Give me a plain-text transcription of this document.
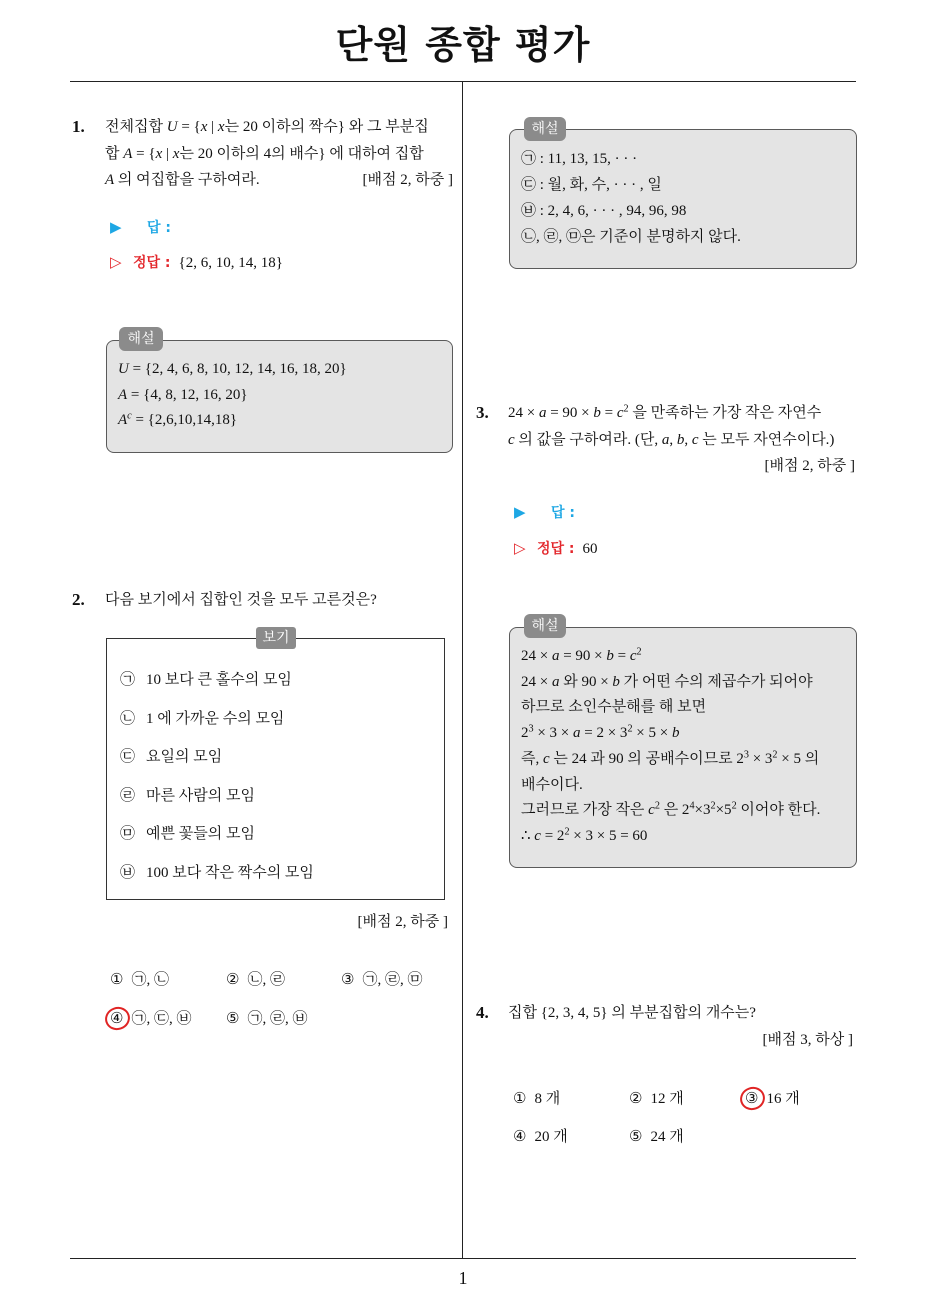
단원 종합 평가
1
1. 전체집합 U = {x | x는 20 이하의 짝수} 와 그 부분집
합 A = {x | x는 20 이하의 4의 배수} 에 대하여 집합
A 의 여집합을 구하여라.	[배점 2, 하중 ]
▶ 답 :
▷ 정답 : {2, 6, 10, 14, 18}
U = {2, 4, 6, 8, 10, 12, 14, 16, 18, 20}
A = {4, 8, 12, 16, 20}
$A^c = \{2,6,10,14,18\}$
해설
2. 다음 보기에서 집합인 것을 모두 고른것은?
㉠ 10 보다 큰 홀수의 모임
㉡ 1 에 가까운 수의 모임
㉢ 요일의 모임
㉣ 마른 사람의 모임
㉤ 예쁜 꽃들의 모임
㉥ 100 보다 작은 짝수의 모임
보기
[배점 2, 하중 ]
① ㉠, ㉡	② ㉡, ㉣	③ ㉠, ㉣, ㉤
④ ㉠, ㉢, ㉥ ⑤ ㉠, ㉣, ㉥
㉠ : 11, 13, 15, · · ·
㉢ : 월, 화, 수, · · · , 일
㉥ : 2, 4, 6, · · · , 94, 96, 98
㉡, ㉣, ㉤은 기준이 분명하지 않다.
해설
3. $24 \times a = 90 \times b = c^2$ 을 만족하는 가장 작은 자연수
c 의 값을 구하여라. (단, a, b, c 는 모두 자연수이다.)
[배점 2, 하중 ]
▶ 답 :
▷ 정답 : 60
$24 \times a = 90 \times b = c^2$
24 × a 와 90 × b 가 어떤 수의 제곱수가 되어야
하므로 소인수분해를 해 보면
$2^3 \times 3 \times a = 2 \times 3^2 \times 5 \times b$
즉, c 는 24 과 90 의 공배수이므로 $2^3 \times 3^2 \times 5$ 의
배수이다.
그러므로 가장 작은 $c^2$ 은 $2^4\times 3^2\times 5^2$ 이어야 한다.
∴ $c = 2^2 \times 3 \times 5 = 60$
해설
4. 집합 {2, 3, 4, 5} 의 부분집합의 개수는?
[배점 3, 하상 ]
① 8 개	② 12 개	③ 16 개
④ 20 개	⑤ 24 개
